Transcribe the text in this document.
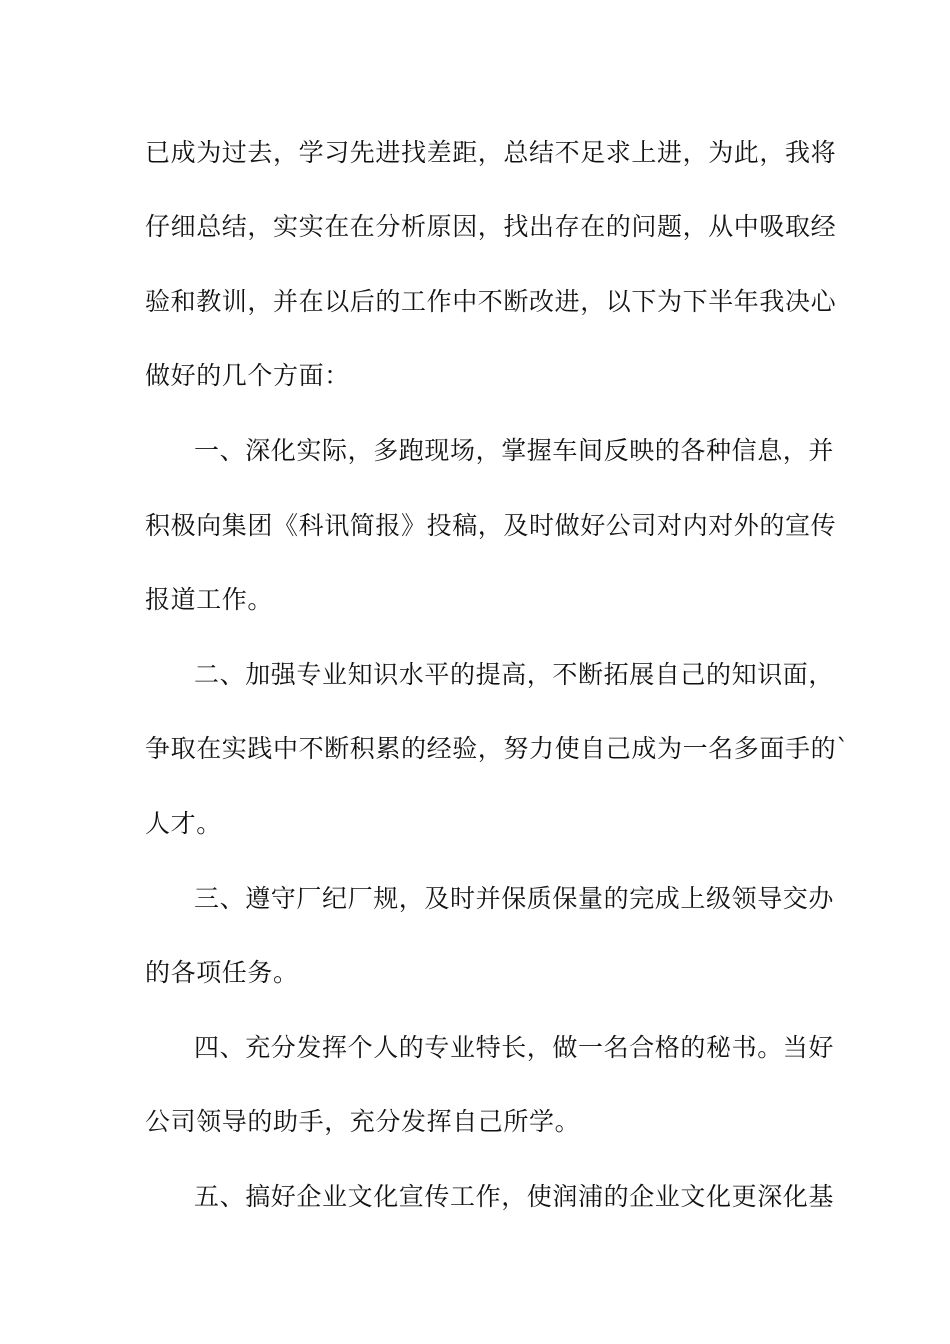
已成为过去，学习先进找差距，总结不足求上进，为此，我将
仔细总结，实实在在分析原因，找出存在的问题，从中吸取经
验和教训，并在以后的工作中不断改进，以下为下半年我决心
做好的几个方面：
一、深化实际，多跑现场，掌握车间反映的各种信息，并
积极向集团《科讯简报》投稿，及时做好公司对内对外的宣传
报道工作。
二、加强专业知识水平的提高，不断拓展自己的知识面，
争取在实践中不断积累的经验，努力使自己成为一名多面手的`
人才。
三、遵守厂纪厂规，及时并保质保量的完成上级领导交办
的各项任务。
四、充分发挥个人的专业特长，做一名合格的秘书。当好
公司领导的助手，充分发挥自己所学。
五、搞好企业文化宣传工作，使润浦的企业文化更深化基
